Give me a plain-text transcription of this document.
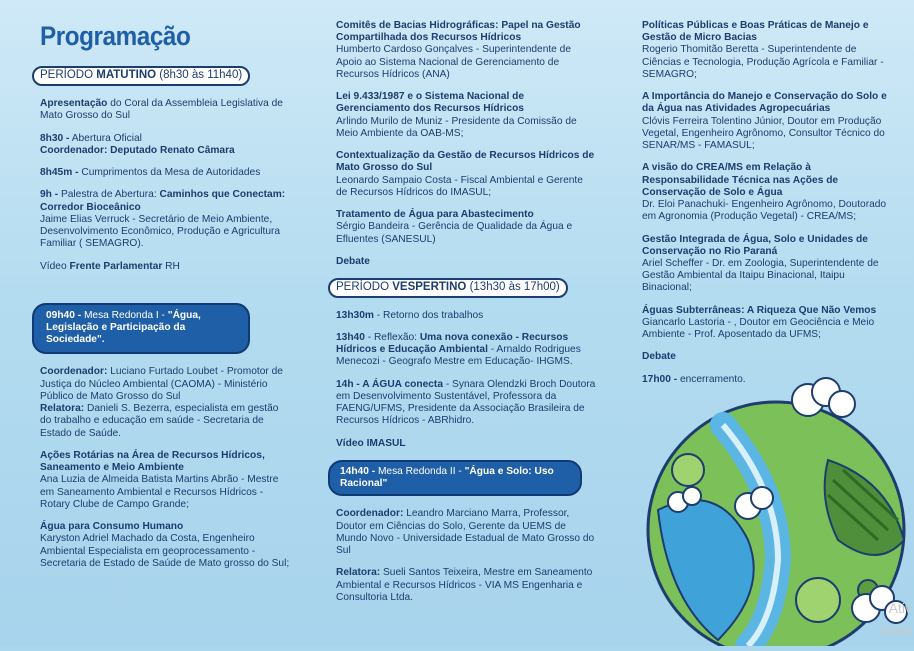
Programação
PERÍODO MATUTINO (8h30 às 11h40)

Apresentação do Coral da Assembleia Legislativa de Mato Grosso do Sul

8h30 - Abertura Oficial
Coordenador: Deputado Renato Câmara

8h45m - Cumprimentos da Mesa de Autoridades

9h - Palestra de Abertura: Caminhos que Conectam: Corredor Bioceânico
Jaime Elias Verruck - Secretário de Meio Ambiente, Desenvolvimento Econômico, Produção e Agricultura Familiar ( SEMAGRO).

Vídeo Frente Parlamentar RH

09h40 - Mesa Redonda I - "Água, Legislação e Participação da Sociedade".

Coordenador: Luciano Furtado Loubet - Promotor de Justiça do Núcleo Ambiental (CAOMA) - Ministério Público de Mato Grosso do Sul

Relatora: Danieli S. Bezerra, especialista em gestão do trabalho e educação em saúde - Secretaria de Estado de Saúde.

Ações Rotárias na Área de Recursos Hídricos, Saneamento e Meio Ambiente
Ana Luzia de Almeida Batista Martins Abrão - Mestre em Saneamento Ambiental e Recursos Hídricos - Rotary Clube de Campo Grande;

Água para Consumo Humano
Karyston Adriel Machado da Costa, Engenheiro Ambiental Especialista em geoprocessamento - Secretaria de Estado de Saúde de Mato grosso do Sul;

Comitês de Bacias Hidrográficas: Papel na Gestão Compartilhada dos Recursos Hídricos
Humberto Cardoso Gonçalves - Superintendente de Apoio ao Sistema Nacional de Gerenciamento de Recursos Hídricos (ANA)

Lei 9.433/1987 e o Sistema Nacional de Gerenciamento dos Recursos Hídricos
Arlindo Murilo de Muniz - Presidente da Comissão de Meio Ambiente da OAB-MS;

Contextualização da Gestão de Recursos Hídricos de Mato Grosso do Sul
Leonardo Sampaio Costa - Fiscal Ambiental e Gerente de Recursos Hídricos do IMASUL;

Tratamento de Água para Abastecimento
Sérgio Bandeira - Gerência de Qualidade da Água e Efluentes (SANESUL)

Debate

PERÍODO VESPERTINO (13h30 às 17h00)

13h30m - Retorno dos trabalhos

13h40 - Reflexão: Uma nova conexão - Recursos Hídricos e Educação Ambiental - Arnaldo Rodrigues Menecozi - Geografo Mestre em Educação- IHGMS.

14h - A ÁGUA conecta - Synara Olendzki Broch Doutora em Desenvolvimento Sustentável, Professora da FAENG/UFMS, Presidente da Associação Brasileira de Recursos Hídricos - ABRhidro.

Vídeo IMASUL

14h40 - Mesa Redonda II - "Água e Solo: Uso Racional"

Coordenador: Leandro Marciano Marra, Professor, Doutor em Ciências do Solo, Gerente da UEMS de Mundo Novo - Universidade Estadual de Mato Grosso do Sul

Relatora: Sueli Santos Teixeira, Mestre em Saneamento Ambiental e Recursos Hídricos - VIA MS Engenharia e Consultoria Ltda.

Políticas Públicas e Boas Práticas de Manejo e Gestão de Micro Bacias
Rogerio Thomitão Beretta - Superintendente de Ciências e Tecnologia, Produção Agrícola e Familiar - SEMAGRO;

A Importância do Manejo e Conservação do Solo e da Água nas Atividades Agropecuárias
Clóvis Ferreira Tolentino Júnior, Doutor em Produção Vegetal, Engenheiro Agrônomo, Consultor Técnico do SENAR/MS - FAMASUL;

A visão do CREA/MS em Relação à Responsabilidade Técnica nas Ações de Conservação de Solo e Água
Dr. Eloi Panachuki- Engenheiro Agrônomo, Doutorado em Agronomia (Produção Vegetal) - CREA/MS;

Gestão Integrada de Água, Solo e Unidades de Conservação no Rio Paraná
Ariel Scheffer - Dr. em Zoologia, Superintendente de Gestão Ambiental da Itaipu Binacional, Itaipu Binacional;

Águas Subterrâneas: A Riqueza Que Não Vemos
Giancarlo Lastoria - , Doutor em Geociência e Meio Ambiente - Prof. Aposentado da UFMS;

Debate

17h00 - encerramento.

Ativ
Aces
